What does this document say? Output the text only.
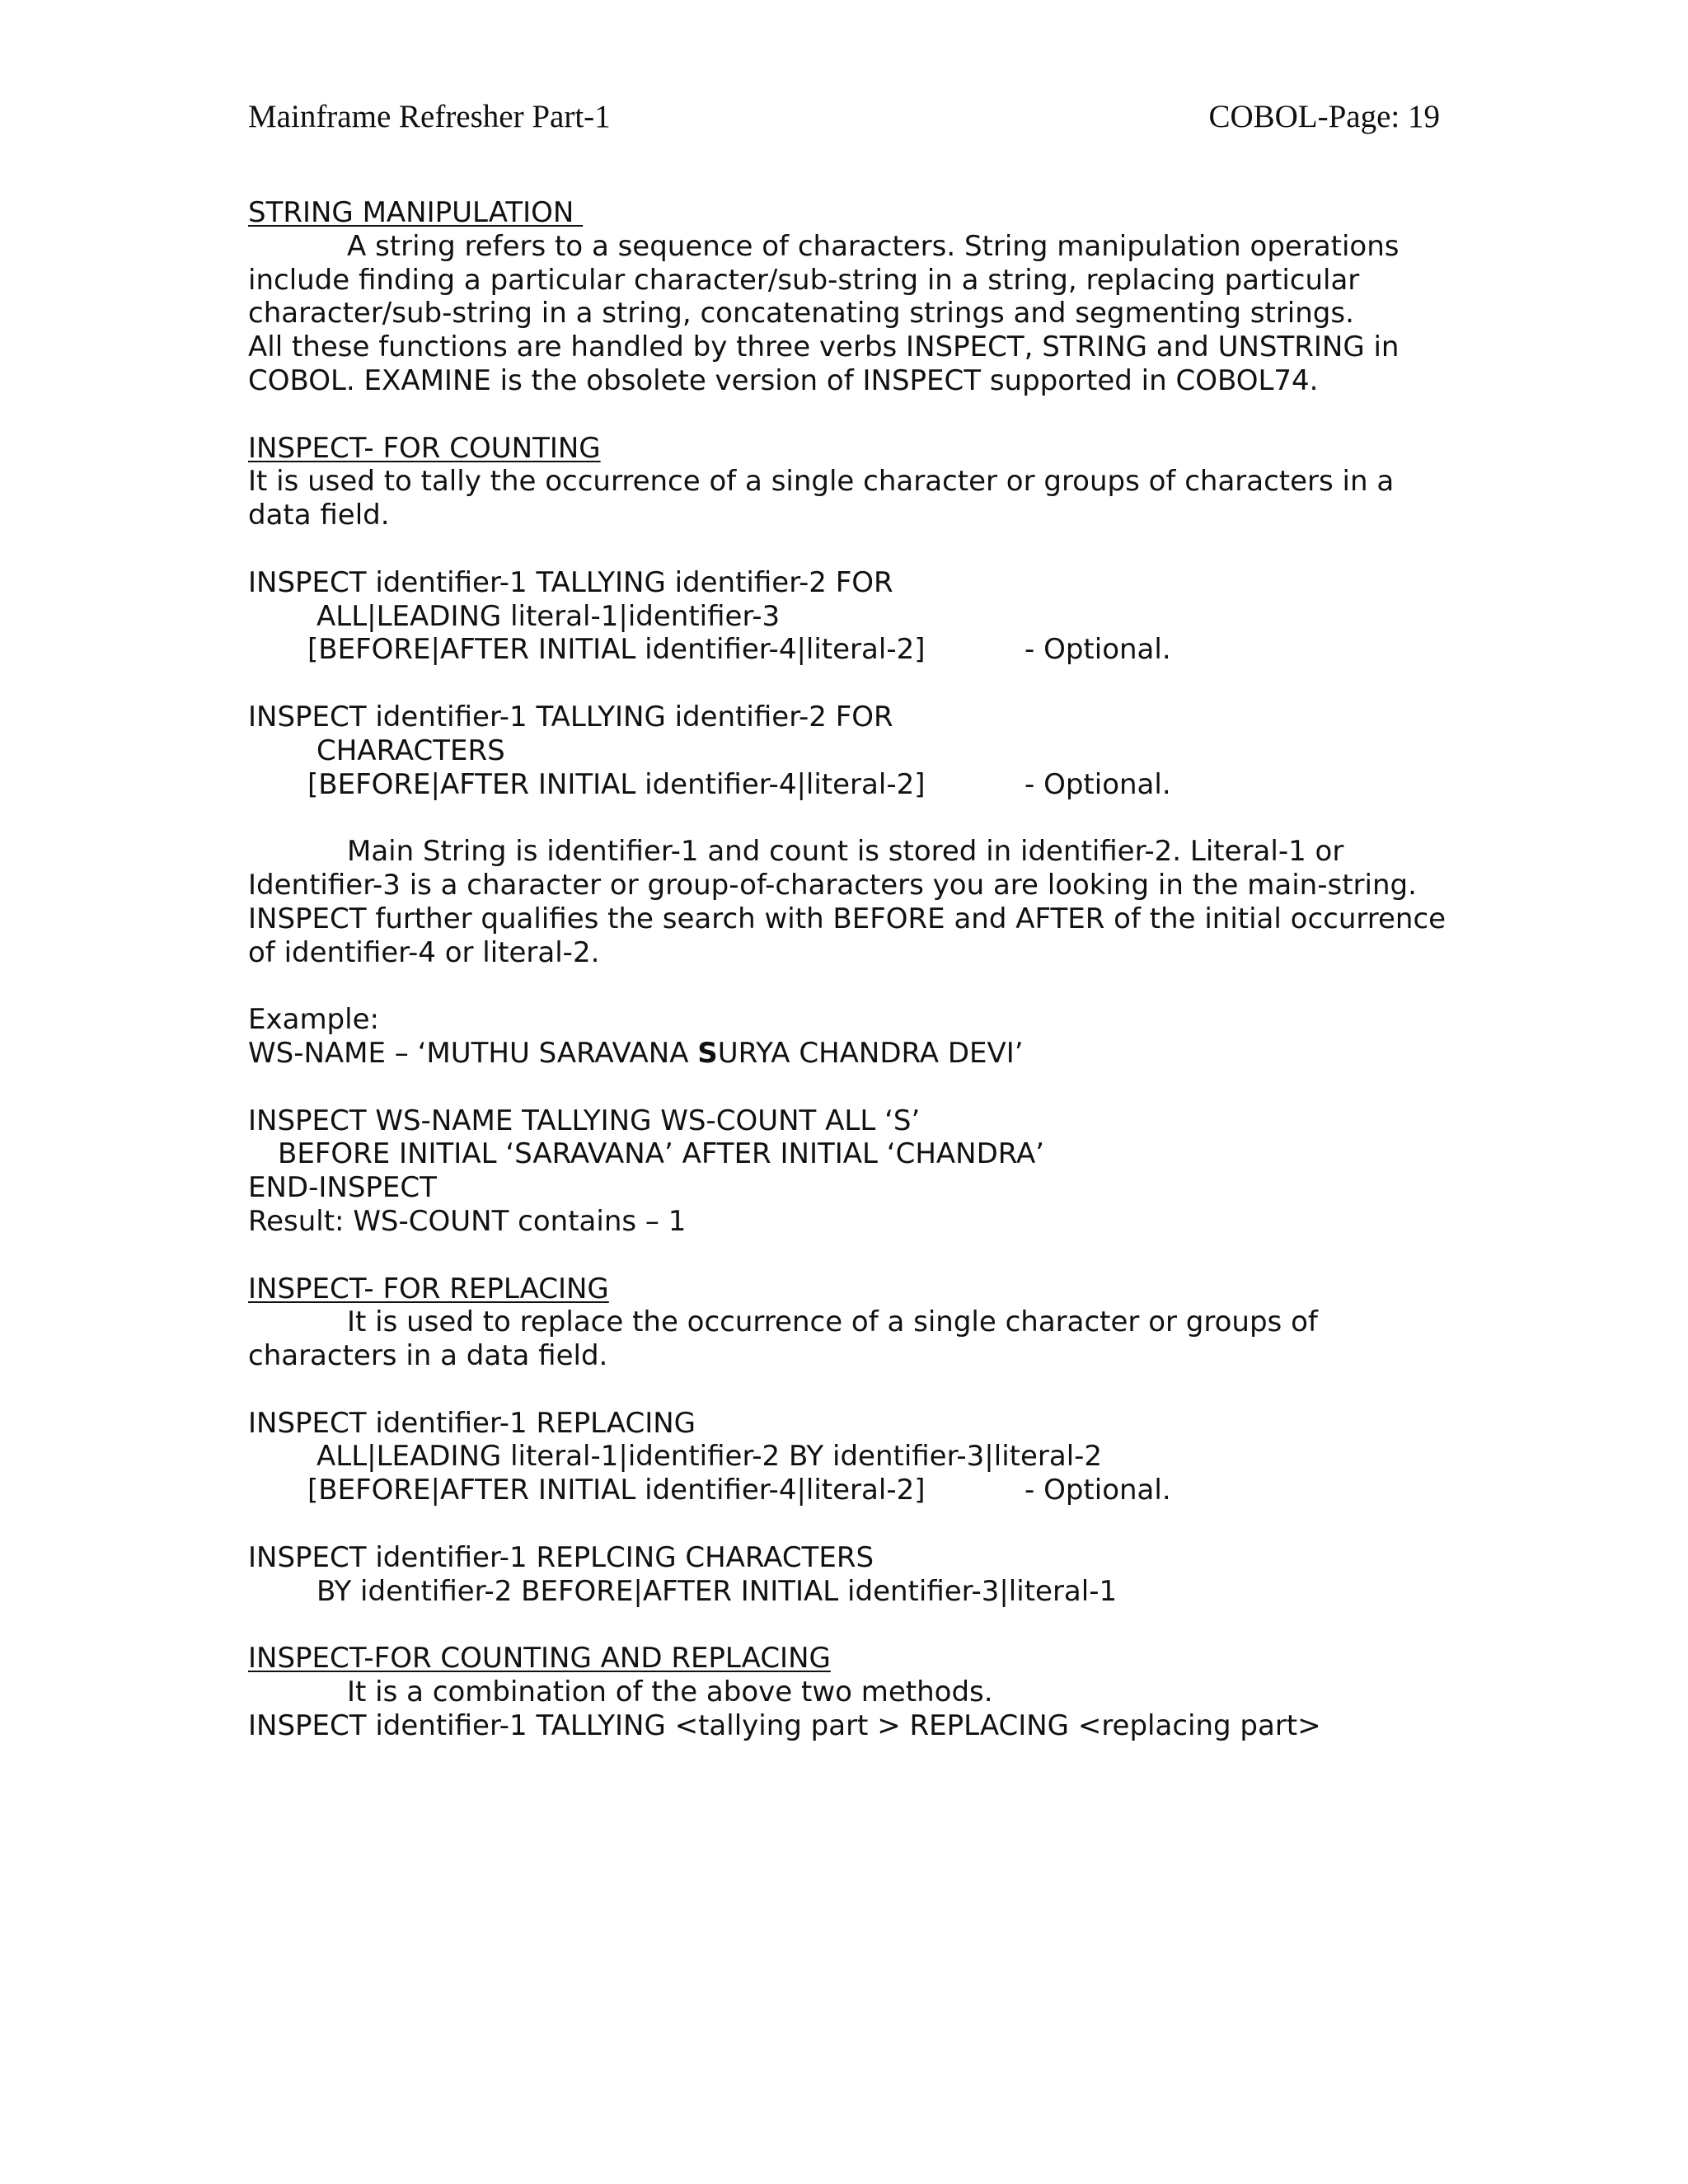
Mainframe Refresher Part-1	COBOL-Page: 19
STRING MANIPULATION
A string refers to a sequence of characters. String manipulation operations
include finding a particular character/sub-string in a string, replacing particular
character/sub-string in a string, concatenating strings and segmenting strings.
All these functions are handled by three verbs INSPECT, STRING and UNSTRING in
COBOL. EXAMINE is the obsolete version of INSPECT supported in COBOL74.
INSPECT- FOR COUNTING
It is used to tally the occurrence of a single character or groups of characters in a
data field.
INSPECT identifier-1 TALLYING identifier-2 FOR
ALL|LEADING literal-1|identifier-3
[BEFORE|AFTER INITIAL identifier-4|literal-2]	- Optional.
INSPECT identifier-1 TALLYING identifier-2 FOR
CHARACTERS
[BEFORE|AFTER INITIAL identifier-4|literal-2]	- Optional.
Main String is identifier-1 and count is stored in identifier-2. Literal-1 or
Identifier-3 is a character or group-of-characters you are looking in the main-string.
INSPECT further qualifies the search with BEFORE and AFTER of the initial occurrence
of identifier-4 or literal-2.
Example:
WS-NAME – ‘MUTHU SARAVANA SURYA CHANDRA DEVI’
INSPECT WS-NAME TALLYING WS-COUNT ALL ‘S’
BEFORE INITIAL ‘SARAVANA’ AFTER INITIAL ‘CHANDRA’
END-INSPECT
Result: WS-COUNT contains – 1
INSPECT- FOR REPLACING
It is used to replace the occurrence of a single character or groups of
characters in a data field.
INSPECT identifier-1 REPLACING
ALL|LEADING literal-1|identifier-2 BY identifier-3|literal-2
[BEFORE|AFTER INITIAL identifier-4|literal-2]	- Optional.
INSPECT identifier-1 REPLCING CHARACTERS
BY identifier-2 BEFORE|AFTER INITIAL identifier-3|literal-1
INSPECT-FOR COUNTING AND REPLACING
It is a combination of the above two methods.
INSPECT identifier-1 TALLYING <tallying part > REPLACING <replacing part>
